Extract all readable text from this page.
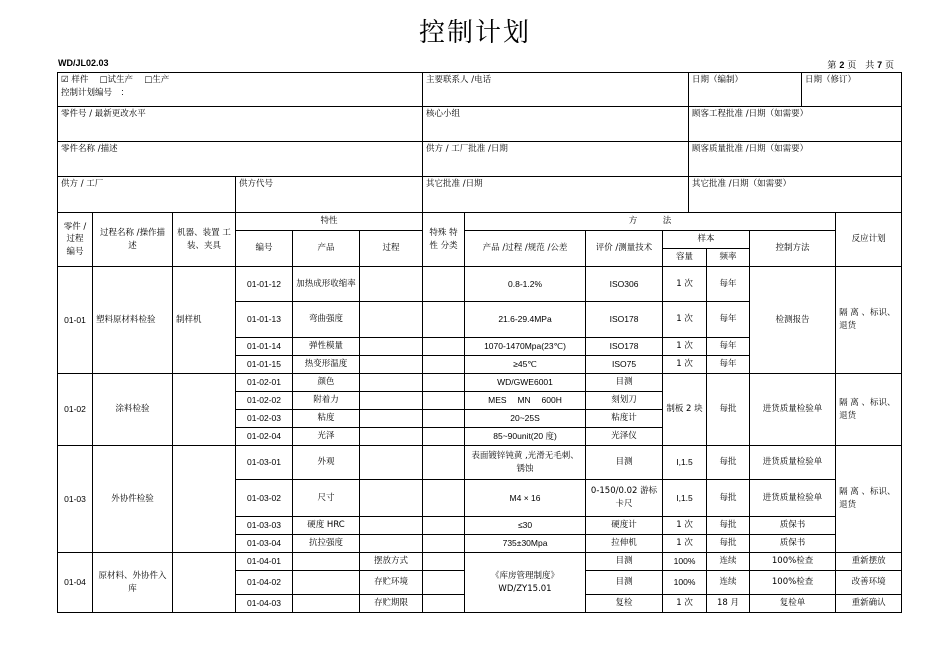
控制计划
WD/JL02.03	第 2 页　共 7 页
☑ 样件　 □试生产　 □生产
控制计划编号　：		主要联系人 /电话	日期（编制）	日期（修订）
零件号 / 最新更改水平		核心小组	顾客工程批准 /日期（如需要）	
零件名称 /描述		供方 / 工厂批准 /日期	顾客质量批准 /日期（如需要）	
供方 / 工厂	供方代号	其它批准 /日期	其它批准 /日期（如需要）	
零件 / 过程 编号	过程名称 /操作描述	机器、装置 工装、夹具	特性			特殊 特性 分类	方　　　法					反应计划
			编号	产品	过程		产品 /过程 /规范 /公差	评价 /测量技术	样本		控制方法	
									容量	频率		
01-01	塑料原材料检验	制样机	01-01-12	加热成形收缩率			0.8-1.2%	ISO306	1 次	每年	检测报告	隔 离 、标识、退货
			01-01-13	弯曲强度			21.6-29.4MPa	ISO178	1 次	每年		
			01-01-14	弹性模量			1070-1470Mpa(23℃)	ISO178	1 次	每年		
			01-01-15	热变形温度			≥45℃	ISO75	1 次	每年		
01-02	涂料检验		01-02-01	颜色			WD/GWE6001	目测	制板 2 块	每批	进货质量检验单	隔 离 、标识、退货
			01-02-02	附着力			MES　 MN　 600H	刻划刀				
			01-02-03	粘度			20~25S	粘度计				
			01-02-04	光泽			85~90unit(20 度)	光泽仪				
01-03	外协件检验		01-03-01	外观			表面镀锌钝黄 ,光滑无毛刺、锈蚀	目测	I,1.5	每批	进货质量检验单	隔 离 、标识、退货
			01-03-02	尺寸			M4 × 16	0-150/0.02 游标卡尺	I,1.5	每批	进货质量检验单	
			01-03-03	硬度 HRC			≤30	硬度计	1 次	每批	质保书	
			01-03-04	抗拉强度			735±30Mpa	拉伸机	1 次	每批	质保书	
01-04	原材料、外协件入库		01-04-01		摆放方式		《库房管理制度》 WD/ZY15.01	目测	100%	连续	100%检查	重新摆放
			01-04-02		存贮环境			目测	100%	连续	100%检查	改善环境
			01-04-03		存贮期限			复检	1 次	18 月	复检单	重新确认
